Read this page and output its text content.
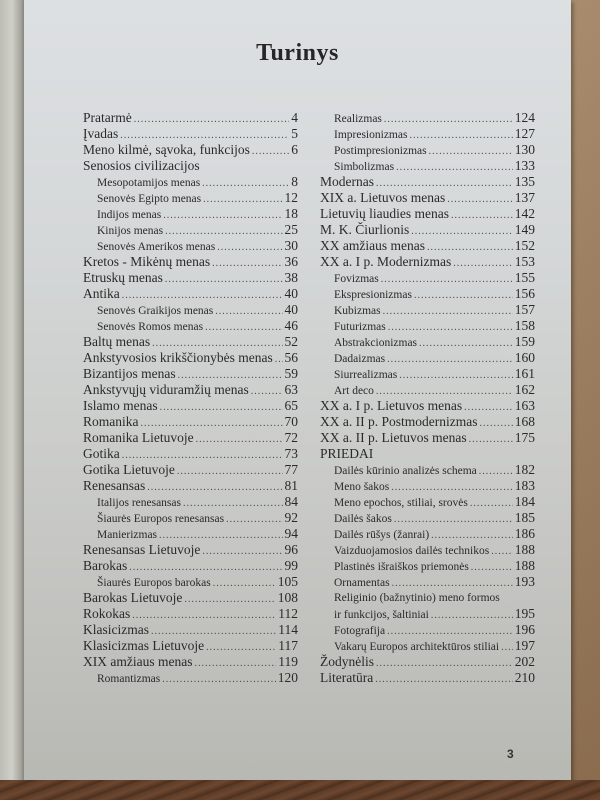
Turinys
Pratarmė .....	4
Įvadas .....	5
Meno kilmė, sąvoka, funkcijos .....	6
Senosios civilizacijos
Mesopotamijos menas .....	8
Senovės Egipto menas .....	12
Indijos menas .....	18
Kinijos menas .....	25
Senovės Amerikos menas .....	30
Kretos - Mikėnų menas .....	36
Etruskų menas .....	38
Antika .....	40
Senovės Graikijos menas .....	40
Senovės Romos menas .....	46
Baltų menas .....	52
Ankstyvosios krikščionybės menas ..... 56
Bizantijos menas .....	59
Ankstyvųjų viduramžių menas .....	63
Islamo menas .....	65
Romanika .....	70
Romanika Lietuvoje .....	72
Gotika .....	73
Gotika Lietuvoje .....	77
Renesansas .....	81
Italijos renesansas .....	84
Šiaurės Europos renesansas .....	92
Manierizmas .....	94
Renesansas Lietuvoje .....	96
Barokas .....	99
Šiaurės Europos barokas .....	105
Barokas Lietuvoje .....	108
Rokokas .....	112
Klasicizmas .....	114
Klasicizmas Lietuvoje .....	117
XIX amžiaus menas .....	119
Romantizmas .....	120
Realizmas .....	124
Impresionizmas .....	127
Postimpresionizmas .....	130
Simbolizmas .....	133
Modernas .....	135
XIX a. Lietuvos menas .....	137
Lietuvių liaudies menas .....	142
M. K. Čiurlionis .....	149
XX amžiaus menas .....	152
XX a. I p. Modernizmas .....	153
Fovizmas .....	155
Ekspresionizmas .....	156
Kubizmas .....	157
Futurizmas .....	158
Abstrakcionizmas .....	159
Dadaizmas .....	160
Siurrealizmas .....	161
Art deco .....	162
XX a. I p. Lietuvos menas .....	163
XX a. II p. Postmodernizmas .....	168
XX a. II p. Lietuvos menas .....	175
PRIEDAI
Dailės kūrinio analizės schema .....	182
Meno šakos .....	183
Meno epochos, stiliai, srovės .....	184
Dailės šakos .....	185
Dailės rūšys (žanrai) .....	186
Vaizduojamosios dailės technikos ..... 188
Plastinės išraiškos priemonės .....	188
Ornamentas .....	193
Religinio (bažnytinio) meno formos
ir funkcijos, šaltiniai .....	195
Fotografija .....	196
Vakarų Europos architektūros stiliai ..... 197
Žodynėlis .....	202
Literatūra .....	210
3
